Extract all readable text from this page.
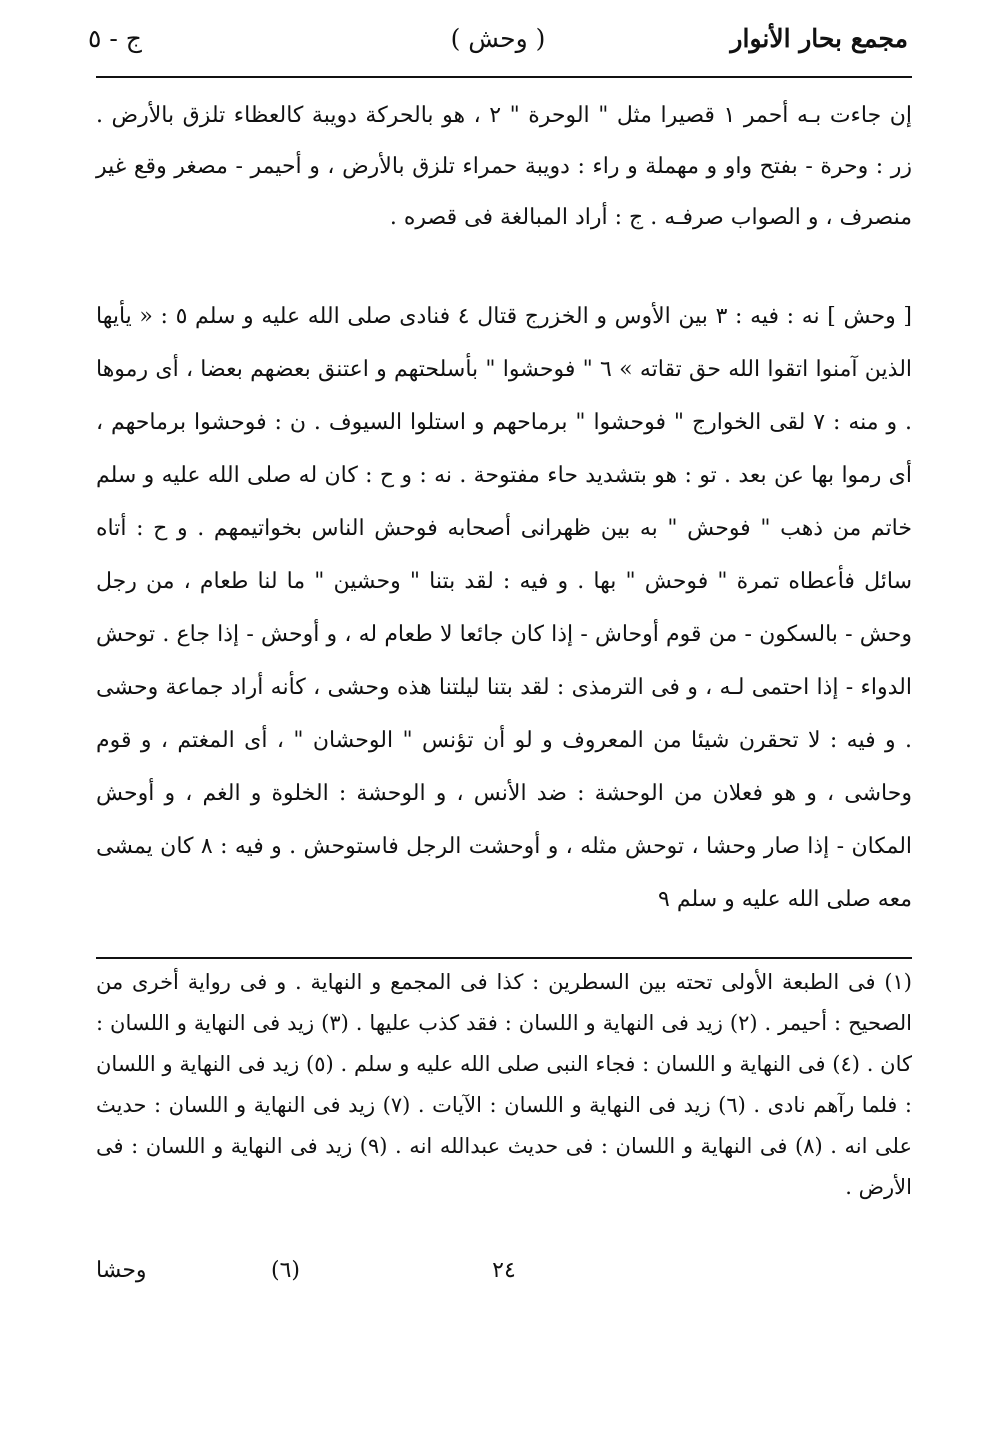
مجمع بحار الأنوار
( وحش )
ج - ٥

إن جاءت بـه أحمر ١ قصيرا مثل " الوحرة " ٢ ، هو بالحركة دويبة كالعظاء تلزق بالأرض . زر : وحرة - بفتح واو و مهملة و راء : دويبة حمراء تلزق بالأرض ، و أحيمر - مصغر وقع غير منصرف ، و الصواب صرفـه . ج : أراد المبالغة فى قصره .

[ وحش ] نه : فيه : ٣ بين الأوس و الخزرج قتال ٤ فنادى صلى الله عليه و سلم ٥ : « يأيها الذين آمنوا اتقوا الله حق تقاته » ٦ " فوحشوا " بأسلحتهم و اعتنق بعضهم بعضا ، أى رموها . و منه : ٧ لقى الخوارج " فوحشوا " برماحهم و استلوا السيوف . ن : فوحشوا برماحهم ، أى رموا بها عن بعد . تو : هو بتشديد حاء مفتوحة . نه : و ح : كان له صلى الله عليه و سلم خاتم من ذهب " فوحش " به بين ظهرانى أصحابه فوحش الناس بخواتيمهم . و ح : أتاه سائل فأعطاه تمرة " فوحش " بها . و فيه : لقد بتنا " وحشين " ما لنا طعام ، من رجل وحش - بالسكون - من قوم أوحاش - إذا كان جائعا لا طعام له ، و أوحش - إذا جاع . توحش الدواء - إذا احتمى لـه ، و فى الترمذى : لقد بتنا ليلتنا هذه وحشى ، كأنه أراد جماعة وحشى . و فيه : لا تحقرن شيئا من المعروف و لو أن تؤنس " الوحشان " ، أى المغتم ، و قوم وحاشى ، و هو فعلان من الوحشة : ضد الأنس ، و الوحشة : الخلوة و الغم ، و أوحش المكان - إذا صار وحشا ، توحش مثله ، و أوحشت الرجل فاستوحش . و فيه : ٨ كان يمشى معه صلى الله عليه و سلم ٩

(١) فى الطبعة الأولى تحته بين السطرين : كذا فى المجمع و النهاية . و فى رواية أخرى من الصحيح : أحيمر . (٢) زيد فى النهاية و اللسان : فقد كذب عليها . (٣) زيد فى النهاية و اللسان : كان . (٤) فى النهاية و اللسان : فجاء النبى صلى الله عليه و سلم . (٥) زيد فى النهاية و اللسان : فلما رآهم نادى . (٦) زيد فى النهاية و اللسان : الآيات . (٧) زيد فى النهاية و اللسان : حديث على انه . (٨) فى النهاية و اللسان : فى حديث عبدالله انه . (٩) زيد فى النهاية و اللسان : فى الأرض .

٢٤
(٦)
وحشا
